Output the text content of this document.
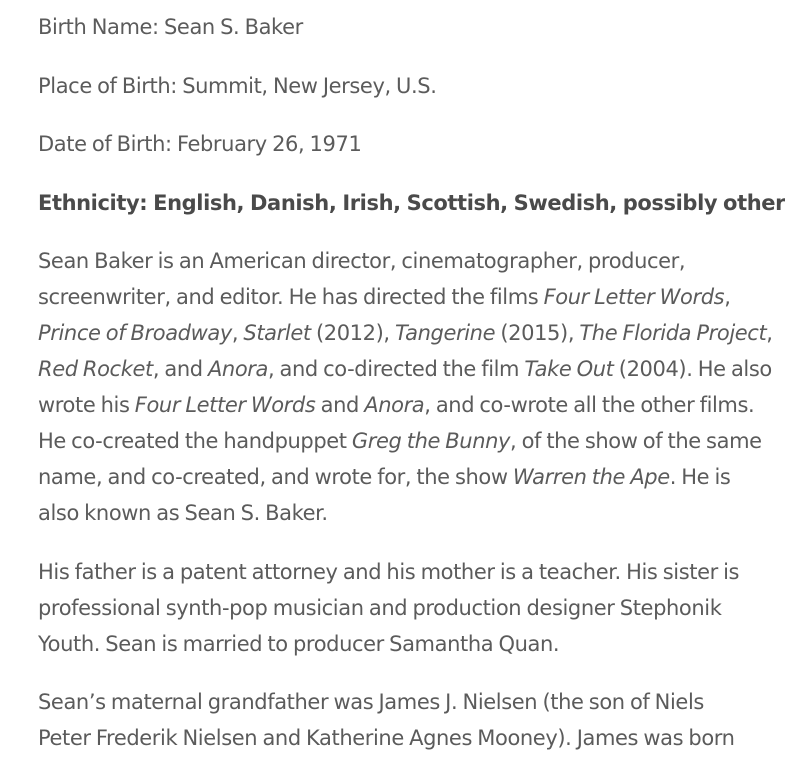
Birth Name: Sean S. Baker

Place of Birth: Summit, New Jersey, U.S.

Date of Birth: February 26, 1971

Ethnicity: English, Danish, Irish, Scottish, Swedish, possibly other

Sean Baker is an American director, cinematographer, producer,

screenwriter, and editor. He has directed the films Four Letter Words,

Prince of Broadway, Starlet (2012), Tangerine (2015), The Florida Project,

Red Rocket, and Anora, and co-directed the film Take Out (2004). He also

wrote his Four Letter Words and Anora, and co-wrote all the other films.

He co-created the handpuppet Greg the Bunny, of the show of the same

name, and co-created, and wrote for, the show Warren the Ape. He is

also known as Sean S. Baker.

His father is a patent attorney and his mother is a teacher. His sister is

professional synth-pop musician and production designer Stephonik

Youth. Sean is married to producer Samantha Quan.

Sean’s maternal grandfather was James J. Nielsen (the son of Niels

Peter Frederik Nielsen and Katherine Agnes Mooney). James was born
